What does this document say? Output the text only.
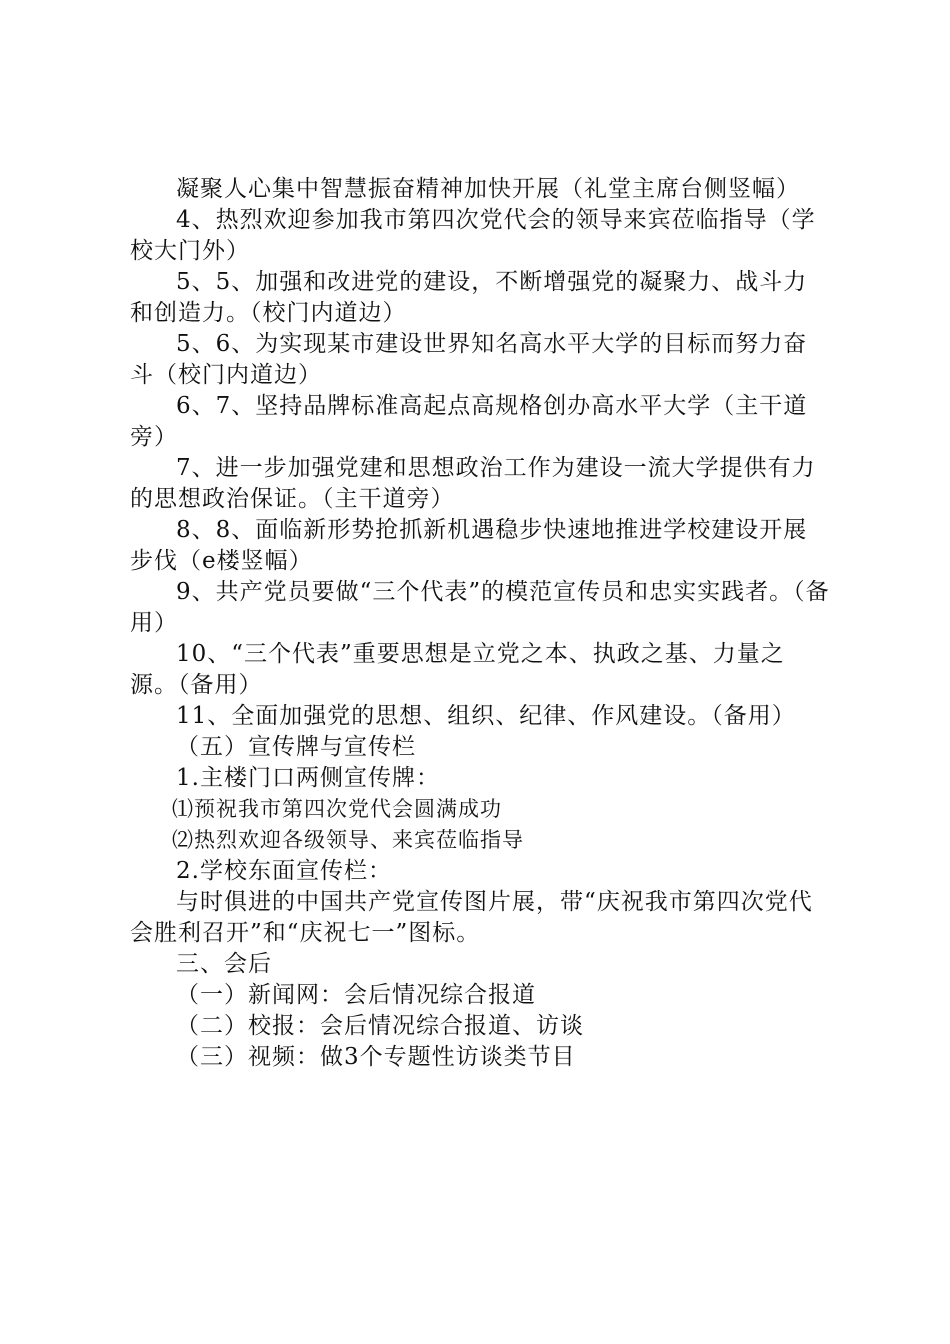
凝聚人心集中智慧振奋精神加快开展（礼堂主席台侧竖幅）

4、热烈欢迎参加我市第四次党代会的领导来宾莅临指导（学校大门外）

5、5、加强和改进党的建设，不断增强党的凝聚力、战斗力和创造力。（校门内道边）

5、6、为实现某市建设世界知名高水平大学的目标而努力奋斗（校门内道边）

6、7、坚持品牌标准高起点高规格创办高水平大学（主干道旁）

7、进一步加强党建和思想政治工作为建设一流大学提供有力的思想政治保证。（主干道旁）

8、8、面临新形势抢抓新机遇稳步快速地推进学校建设开展步伐（e楼竖幅）

9、共产党员要做“三个代表”的模范宣传员和忠实实践者。（备用）

10、“三个代表”重要思想是立党之本、执政之基、力量之源。（备用）

11、全面加强党的思想、组织、纪律、作风建设。（备用）

（五）宣传牌与宣传栏

1.主楼门口两侧宣传牌：

⑴预祝我市第四次党代会圆满成功

⑵热烈欢迎各级领导、来宾莅临指导

2.学校东面宣传栏：

与时俱进的中国共产党宣传图片展，带“庆祝我市第四次党代会胜利召开”和“庆祝七一”图标。

三、会后

（一）新闻网：会后情况综合报道

（二）校报：会后情况综合报道、访谈

（三）视频：做3个专题性访谈类节目
